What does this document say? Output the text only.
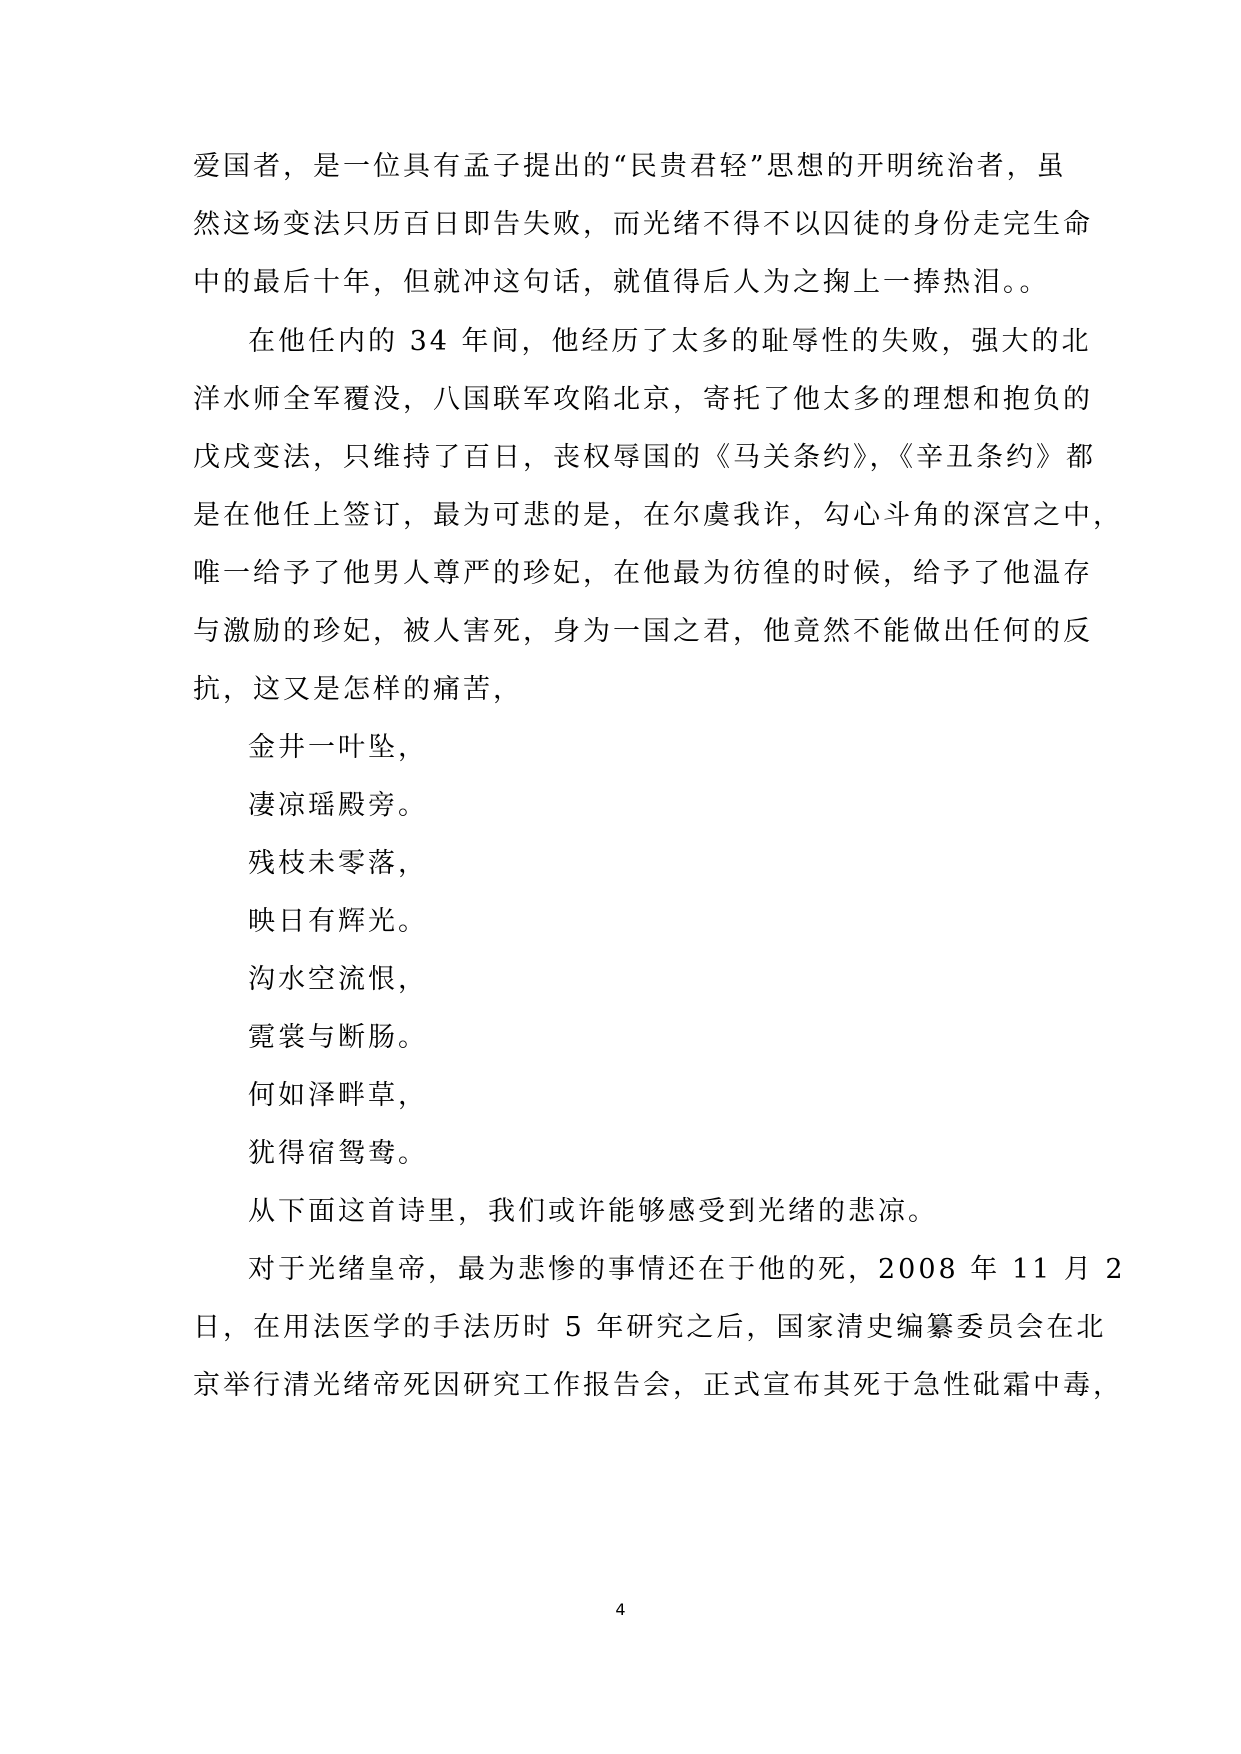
爱国者，是一位具有孟子提出的“民贵君轻”思想的开明统治者，虽
然这场变法只历百日即告失败，而光绪不得不以囚徒的身份走完生命
中的最后十年，但就冲这句话，就值得后人为之掬上一捧热泪。。
在他任内的 34 年间，他经历了太多的耻辱性的失败，强大的北
洋水师全军覆没，八国联军攻陷北京，寄托了他太多的理想和抱负的
戊戌变法，只维持了百日，丧权辱国的《马关条约》，《辛丑条约》都
是在他任上签订，最为可悲的是，在尔虞我诈，勾心斗角的深宫之中，
唯一给予了他男人尊严的珍妃，在他最为彷徨的时候，给予了他温存
与激励的珍妃，被人害死，身为一国之君，他竟然不能做出任何的反
抗，这又是怎样的痛苦，
金井一叶坠，
凄凉瑶殿旁。
残枝未零落，
映日有辉光。
沟水空流恨，
霓裳与断肠。
何如泽畔草，
犹得宿鸳鸯。
从下面这首诗里，我们或许能够感受到光绪的悲凉。
对于光绪皇帝，最为悲惨的事情还在于他的死，2008 年 11 月 2
日，在用法医学的手法历时 5 年研究之后，国家清史编纂委员会在北
京举行清光绪帝死因研究工作报告会，正式宣布其死于急性砒霜中毒，
4
